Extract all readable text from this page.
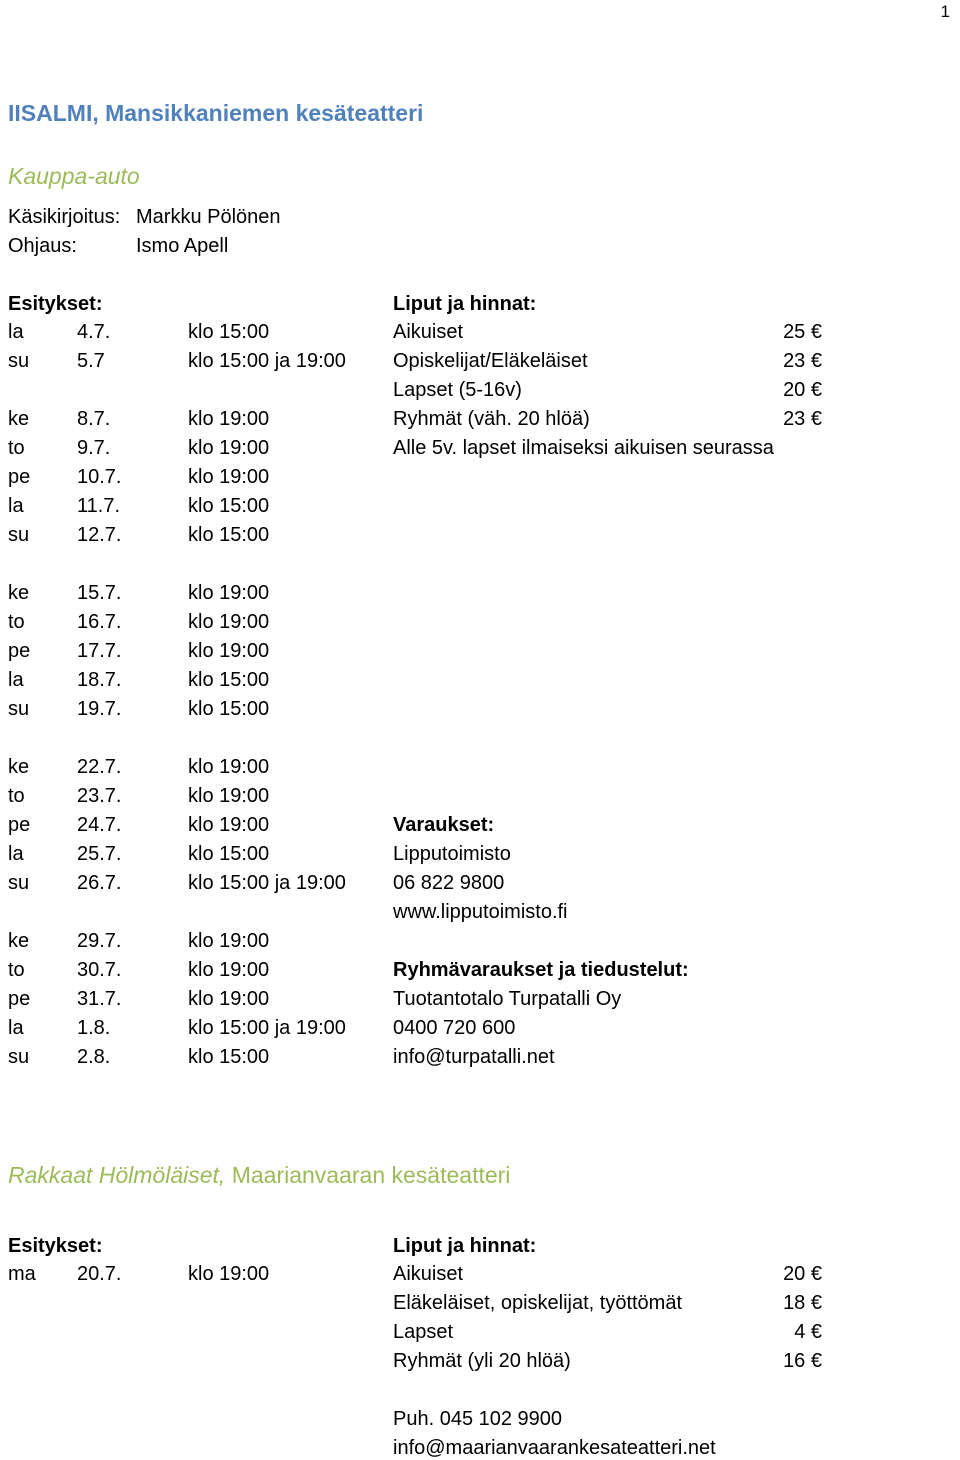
1
IISALMI, Mansikkaniemen kesäteatteri
Kauppa-auto
Käsikirjoitus: Markku Pölönen
Ohjaus:	Ismo Apell
Esitykset:	Liput ja hinnat:
la	4.7.	klo 15:00
su 5.7	klo 15:00 ja 19:00
ke 8.7.	klo 19:00
to	9.7.	klo 19:00
pe 10.7.	klo 19:00
la	11.7.	klo 15:00
su 12.7.	klo 15:00
ke 15.7.	klo 19:00
to	16.7.	klo 19:00
pe 17.7.	klo 19:00
la	18.7.	klo 15:00
su 19.7.	klo 15:00
ke 22.7.	klo 19:00
to	23.7.	klo 19:00
pe 24.7.	klo 19:00
la	25.7.	klo 15:00
su 26.7.	klo 15:00 ja 19:00
ke 29.7.	klo 19:00
to	30.7.	klo 19:00
pe 31.7.	klo 19:00
la	1.8.	klo 15:00 ja 19:00
su 2.8.	klo 15:00
Aikuiset	25 €
Opiskelijat/Eläkeläiset	23 €
Lapset (5-16v)	20 €
Ryhmät (väh. 20 hlöä)	23 €
Alle 5v. lapset ilmaiseksi aikuisen seurassa
Varaukset:
Lipputoimisto
06 822 9800
www.lipputoimisto.fi
Ryhmävaraukset ja tiedustelut:
Tuotantotalo Turpatalli Oy
0400 720 600
info@turpatalli.net
Rakkaat Hölmöläiset, Maarianvaaran kesäteatteri
Esitykset:	Liput ja hinnat:
ma 20.7.	klo 19:00	Aikuiset	20 €
Eläkeläiset, opiskelijat, työttömät	18 €
Lapset	4 €
Ryhmät (yli 20 hlöä)	16 €
Puh. 045 102 9900
info@maarianvaarankesateatteri.net
